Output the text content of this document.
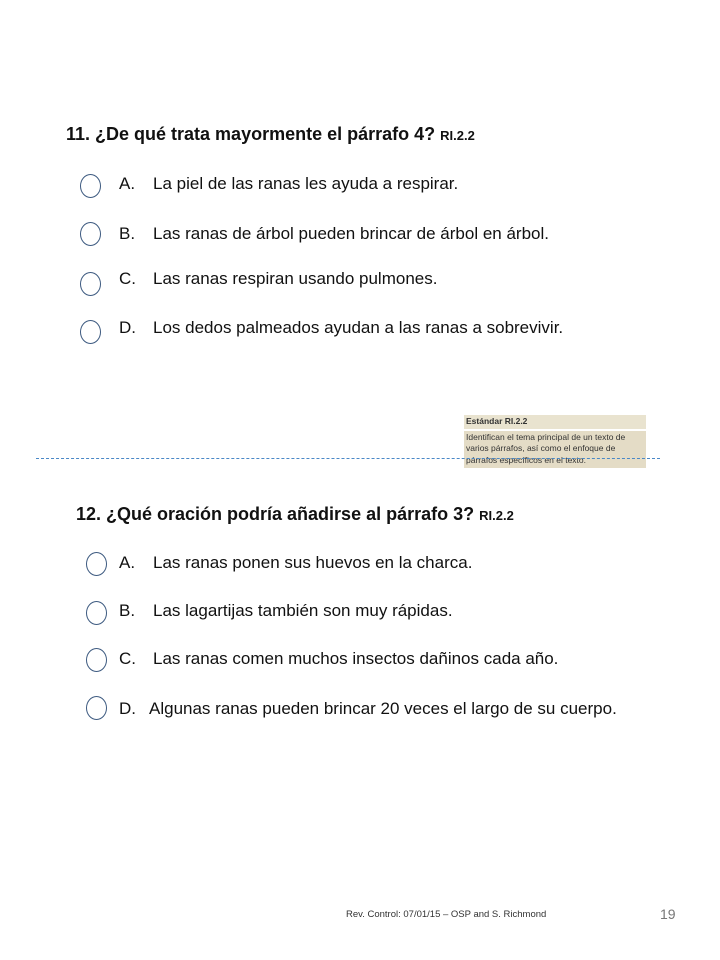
11. ¿De qué trata mayormente el párrafo 4? RI.2.2
A.	La piel de las ranas les ayuda a respirar.
B.	Las ranas de árbol pueden brincar de árbol en árbol.
C.	Las ranas respiran usando pulmones.
D.	Los dedos palmeados ayudan a las ranas a sobrevivir.
Estándar RI.2.2
Identifican el tema principal de un texto de varios párrafos, así como el enfoque de párrafos específicos en el texto.
12. ¿Qué oración podría añadirse al párrafo 3? RI.2.2
A.	Las ranas ponen sus huevos en la charca.
B.	Las lagartijas también son muy rápidas.
C.	Las ranas comen muchos insectos dañinos cada año.
D. Algunas ranas pueden brincar 20 veces el largo de su cuerpo.
Rev. Control: 07/01/15 – OSP and S. Richmond	19
